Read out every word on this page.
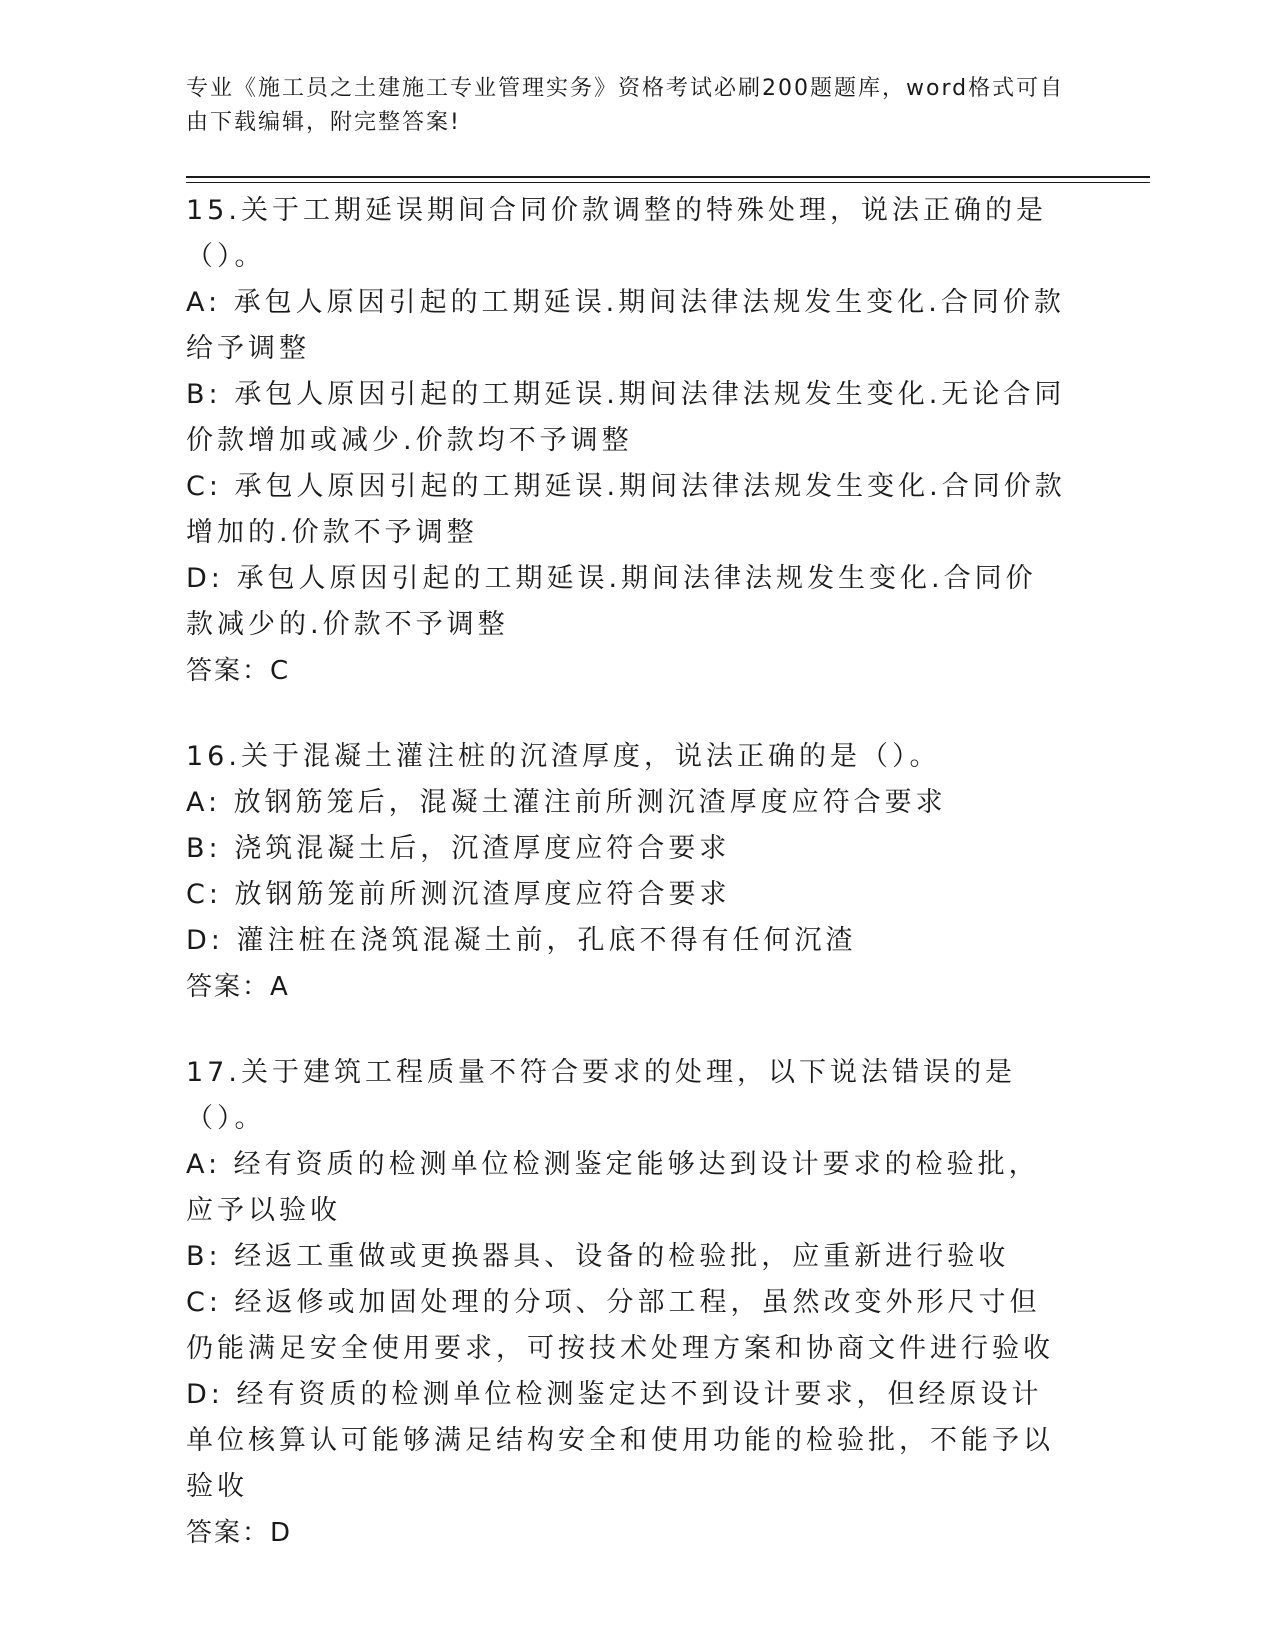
专业《施工员之土建施工专业管理实务》资格考试必刷200题题库，word格式可自由下载编辑，附完整答案!
15.关于工期延误期间合同价款调整的特殊处理，说法正确的是（）。
A: 承包人原因引起的工期延误.期间法律法规发生变化.合同价款给予调整
B: 承包人原因引起的工期延误.期间法律法规发生变化.无论合同价款增加或减少.价款均不予调整
C: 承包人原因引起的工期延误.期间法律法规发生变化.合同价款增加的.价款不予调整
D: 承包人原因引起的工期延误.期间法律法规发生变化.合同价款减少的.价款不予调整
答案：C
16.关于混凝土灌注桩的沉渣厚度，说法正确的是（）。
A: 放钢筋笼后，混凝土灌注前所测沉渣厚度应符合要求
B: 浇筑混凝土后，沉渣厚度应符合要求
C: 放钢筋笼前所测沉渣厚度应符合要求
D: 灌注桩在浇筑混凝土前，孔底不得有任何沉渣
答案：A
17.关于建筑工程质量不符合要求的处理，以下说法错误的是（）。
A: 经有资质的检测单位检测鉴定能够达到设计要求的检验批，应予以验收
B: 经返工重做或更换器具、设备的检验批，应重新进行验收
C: 经返修或加固处理的分项、分部工程，虽然改变外形尺寸但仍能满足安全使用要求，可按技术处理方案和协商文件进行验收
D: 经有资质的检测单位检测鉴定达不到设计要求，但经原设计单位核算认可能够满足结构安全和使用功能的检验批，不能予以验收
答案：D
